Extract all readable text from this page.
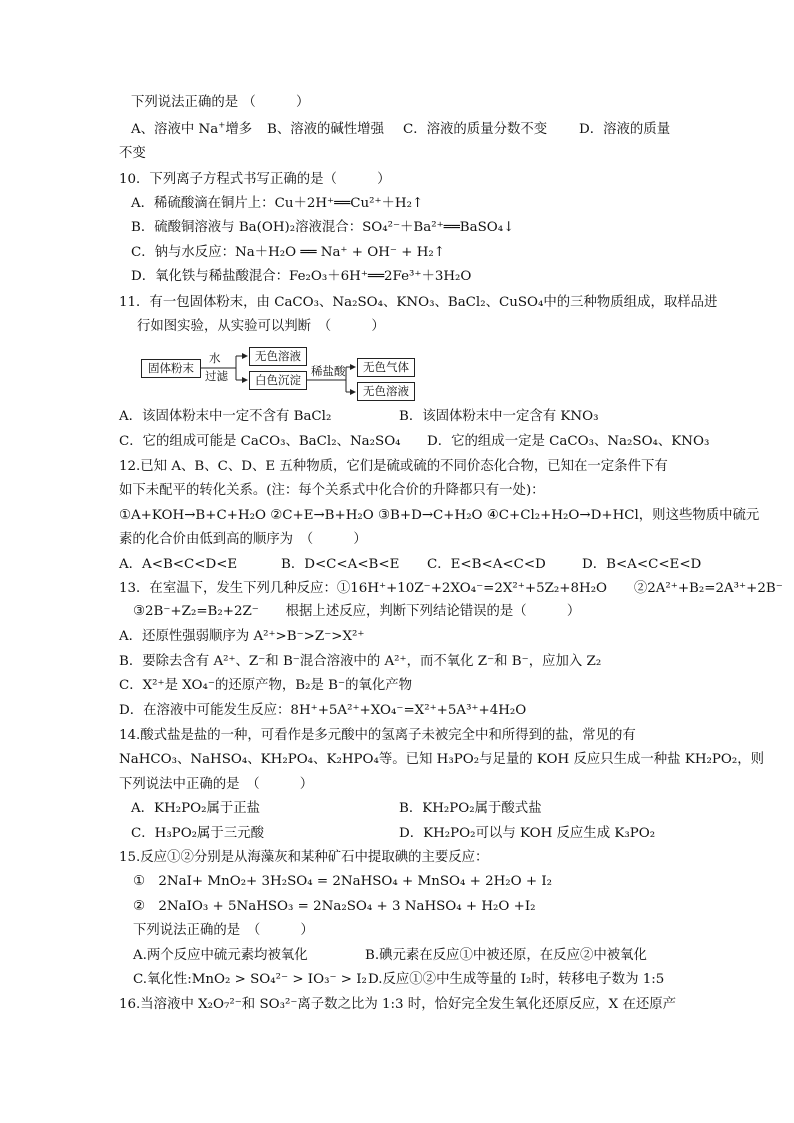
下列说法正确的是 （　　　）
A、溶液中 Na+增多 B、溶液的碱性增强 C．溶液的质量分数不变 D．溶液的质量
不变
10．下列离子方程式书写正确的是（　　　）
A．稀硫酸滴在铜片上：Cu＋2H⁺══Cu²⁺＋H₂↑
B．硫酸铜溶液与 Ba(OH)₂溶液混合：SO₄²⁻＋Ba²⁺══BaSO₄↓
C．钠与水反应：Na＋H₂O ══ Na⁺ + OH⁻ + H₂↑
D．氧化铁与稀盐酸混合：Fe₂O₃＋6H⁺══2Fe³⁺＋3H₂O
11．有一包固体粉末，由 CaCO₃、Na₂SO₄、KNO₃、BaCl₂、CuSO₄中的三种物质组成，取样品进
行如图实验，从实验可以判断　（　　　）
固体粉末
水
过滤
无色溶液
白色沉淀
稀盐酸	无色气体
无色溶液
A．该固体粉末中一定不含有 BaCl₂	B．该固体粉末中一定含有 KNO₃
C．它的组成可能是 CaCO₃、BaCl₂、Na₂SO₄ D．它的组成一定是 CaCO₃、Na₂SO₄、KNO₃
12.已知 A、B、C、D、E 五种物质，它们是硫或硫的不同价态化合物，已知在一定条件下有
如下未配平的转化关系。(注：每个关系式中化合价的升降都只有一处)：
①A+KOH→B+C+H₂O ②C+E→B+H₂O ③B+D→C+H₂O ④C+Cl₂+H₂O→D+HCl，则这些物质中硫元
素的化合价由低到高的顺序为　（　　　）
A．A<B<C<D<E	B．D<C<A<B<E C．E<B<A<C<D	D．B<A<C<E<D
13．在室温下，发生下列几种反应：①16H⁺+10Z⁻+2XO₄⁻=2X²⁺+5Z₂+8H₂O　　②2A²⁺+B₂=2A³⁺+2B⁻
③2B⁻+Z₂=B₂+2Z⁻　　根据上述反应，判断下列结论错误的是（　　　）
A．还原性强弱顺序为 A²⁺>B⁻>Z⁻>X²⁺
B．要除去含有 A²⁺、Z⁻和 B⁻混合溶液中的 A²⁺，而不氧化 Z⁻和 B⁻，应加入 Z₂
C．X²⁺是 XO₄⁻的还原产物，B₂是 B⁻的氧化产物
D．在溶液中可能发生反应：8H⁺+5A²⁺+XO₄⁻=X²⁺+5A³⁺+4H₂O
14.酸式盐是盐的一种，可看作是多元酸中的氢离子未被完全中和所得到的盐，常见的有
NaHCO₃、NaHSO₄、KH₂PO₄、K₂HPO₄等。已知 H₃PO₂与足量的 KOH 反应只生成一种盐 KH₂PO₂，则
下列说法中正确的是　（　　　）
A．KH₂PO₂属于正盐	B．KH₂PO₂属于酸式盐
C．H₃PO₂属于三元酸	D．KH₂PO₂可以与 KOH 反应生成 K₃PO₂
15.反应①②分别是从海藻灰和某种矿石中提取碘的主要反应：
①　2NaI+ MnO₂+ 3H₂SO₄ = 2NaHSO₄ + MnSO₄ + 2H₂O + I₂
②　2NaIO₃ + 5NaHSO₃ = 2Na₂SO₄ + 3 NaHSO₄ + H₂O +I₂
下列说法正确的是　（　　　）
A.两个反应中硫元素均被氧化	B.碘元素在反应①中被还原，在反应②中被氧化
C.氧化性:MnO₂ > SO₄²⁻ > IO₃⁻ > I₂ D.反应①②中生成等量的 I₂时，转移电子数为 1:5
16.当溶液中 X₂O₇²⁻和 SO₃²⁻离子数之比为 1:3 时，恰好完全发生氧化还原反应，X 在还原产
